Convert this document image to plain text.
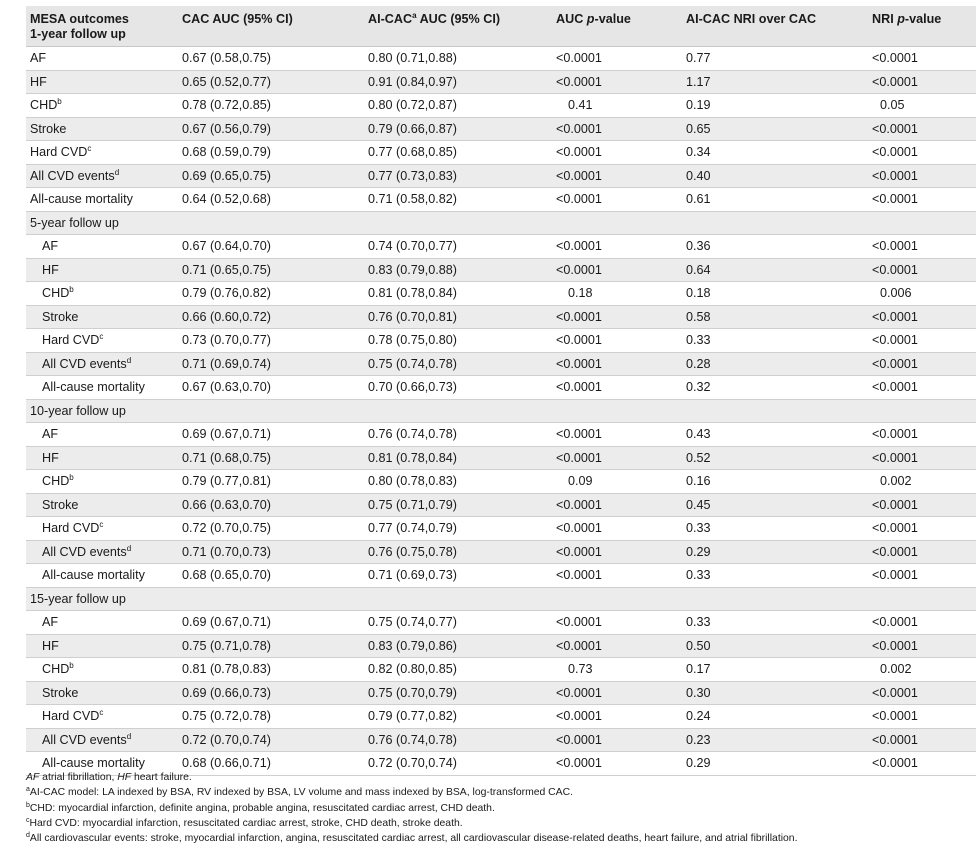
MESA outcomes
1-year follow up	CAC AUC (95% CI)	AI-CAC$^a$ AUC (95% CI)	AUC p-value	AI-CAC NRI over CAC	NRI p-value
AF	0.67 (0.58,0.75)	0.80 (0.71,0.88)	<0.0001	0.77	<0.0001
HF	0.65 (0.52,0.77)	0.91 (0.84,0.97)	<0.0001	1.17	<0.0001
CHD$^b$	0.78 (0.72,0.85)	0.80 (0.72,0.87)	0.41	0.19	0.05
Stroke	0.67 (0.56,0.79)	0.79 (0.66,0.87)	<0.0001	0.65	<0.0001
Hard CVD$^c$	0.68 (0.59,0.79)	0.77 (0.68,0.85)	<0.0001	0.34	<0.0001
All CVD events$^d$	0.69 (0.65,0.75)	0.77 (0.73,0.83)	<0.0001	0.40	<0.0001
All-cause mortality	0.64 (0.52,0.68)	0.71 (0.58,0.82)	<0.0001	0.61	<0.0001
5-year follow up					
AF	0.67 (0.64,0.70)	0.74 (0.70,0.77)	<0.0001	0.36	<0.0001
HF	0.71 (0.65,0.75)	0.83 (0.79,0.88)	<0.0001	0.64	<0.0001
CHD$^b$	0.79 (0.76,0.82)	0.81 (0.78,0.84)	0.18	0.18	0.006
Stroke	0.66 (0.60,0.72)	0.76 (0.70,0.81)	<0.0001	0.58	<0.0001
Hard CVD$^c$	0.73 (0.70,0.77)	0.78 (0.75,0.80)	<0.0001	0.33	<0.0001
All CVD events$^d$	0.71 (0.69,0.74)	0.75 (0.74,0.78)	<0.0001	0.28	<0.0001
All-cause mortality	0.67 (0.63,0.70)	0.70 (0.66,0.73)	<0.0001	0.32	<0.0001
10-year follow up					
AF	0.69 (0.67,0.71)	0.76 (0.74,0.78)	<0.0001	0.43	<0.0001
HF	0.71 (0.68,0.75)	0.81 (0.78,0.84)	<0.0001	0.52	<0.0001
CHD$^b$	0.79 (0.77,0.81)	0.80 (0.78,0.83)	0.09	0.16	0.002
Stroke	0.66 (0.63,0.70)	0.75 (0.71,0.79)	<0.0001	0.45	<0.0001
Hard CVD$^c$	0.72 (0.70,0.75)	0.77 (0.74,0.79)	<0.0001	0.33	<0.0001
All CVD events$^d$	0.71 (0.70,0.73)	0.76 (0.75,0.78)	<0.0001	0.29	<0.0001
All-cause mortality	0.68 (0.65,0.70)	0.71 (0.69,0.73)	<0.0001	0.33	<0.0001
15-year follow up					
AF	0.69 (0.67,0.71)	0.75 (0.74,0.77)	<0.0001	0.33	<0.0001
HF	0.75 (0.71,0.78)	0.83 (0.79,0.86)	<0.0001	0.50	<0.0001
CHD$^b$	0.81 (0.78,0.83)	0.82 (0.80,0.85)	0.73	0.17	0.002
Stroke	0.69 (0.66,0.73)	0.75 (0.70,0.79)	<0.0001	0.30	<0.0001
Hard CVD$^c$	0.75 (0.72,0.78)	0.79 (0.77,0.82)	<0.0001	0.24	<0.0001
All CVD events$^d$	0.72 (0.70,0.74)	0.76 (0.74,0.78)	<0.0001	0.23	<0.0001
All-cause mortality	0.68 (0.66,0.71)	0.72 (0.70,0.74)	<0.0001	0.29	<0.0001
AF atrial fibrillation, HF heart failure.
$^a$AI-CAC model: LA indexed by BSA, RV indexed by BSA, LV volume and mass indexed by BSA, log-transformed CAC.
$^b$CHD: myocardial infarction, definite angina, probable angina, resuscitated cardiac arrest, CHD death.
$^c$Hard CVD: myocardial infarction, resuscitated cardiac arrest, stroke, CHD death, stroke death.
$^d$All cardiovascular events: stroke, myocardial infarction, angina, resuscitated cardiac arrest, all cardiovascular disease-related deaths, heart failure, and atrial fibrillation.
